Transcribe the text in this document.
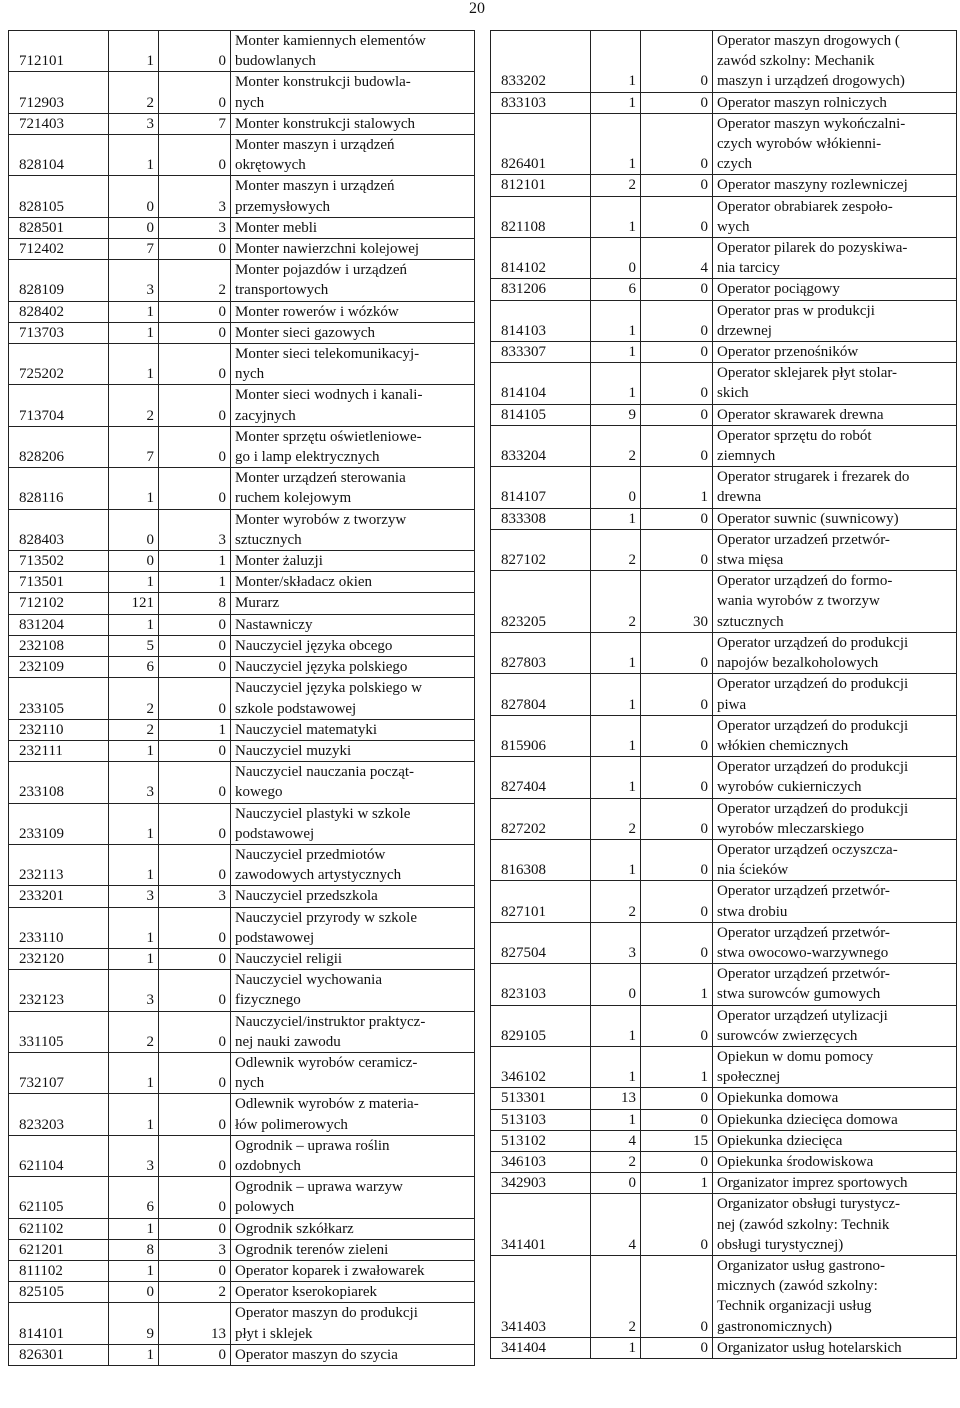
20
712101	1	0	Monter kamiennych elementów
budowlanych

712903	2	0	Monter konstrukcji budowla-
nych

721403	3	7	Monter konstrukcji stalowych

828104	1	0	Monter maszyn i urządzeń
okrętowych

828105	0	3	Monter maszyn i urządzeń
przemysłowych

828501	0	3	Monter mebli

712402	7	0	Monter nawierzchni kolejowej

828109	3	2	Monter pojazdów i urządzeń
transportowych

828402	1	0	Monter rowerów i wózków

713703	1	0	Monter sieci gazowych

725202	1	0	Monter sieci telekomunikacyj-
nych

713704	2	0	Monter sieci wodnych i kanali-
zacyjnych

828206	7	0	Monter sprzętu oświetleniowe-
go i lamp elektrycznych

828116	1	0	Monter urządzeń sterowania
ruchem kolejowym

828403	0	3	Monter wyrobów z tworzyw
sztucznych

713502	0	1	Monter żaluzji

713501	1	1	Monter/składacz okien

712102	121	8	Murarz

831204	1	0	Nastawniczy

232108	5	0	Nauczyciel języka obcego

232109	6	0	Nauczyciel języka polskiego

233105	2	0	Nauczyciel języka polskiego w
szkole podstawowej

232110	2	1	Nauczyciel matematyki

232111	1	0	Nauczyciel muzyki

233108	3	0	Nauczyciel nauczania począt-
kowego

233109	1	0	Nauczyciel plastyki w szkole
podstawowej

232113	1	0	Nauczyciel przedmiotów
zawodowych artystycznych

233201	3	3	Nauczyciel przedszkola

233110	1	0	Nauczyciel przyrody w szkole
podstawowej

232120	1	0	Nauczyciel religii

232123	3	0	Nauczyciel wychowania
fizycznego

331105	2	0	Nauczyciel/instruktor praktycz-
nej nauki zawodu

732107	1	0	Odlewnik wyrobów ceramicz-
nych

823203	1	0	Odlewnik wyrobów z materia-
łów polimerowych

621104	3	0	Ogrodnik – uprawa roślin
ozdobnych

621105	6	0	Ogrodnik – uprawa warzyw
polowych

621102	1	0	Ogrodnik szkółkarz

621201	8	3	Ogrodnik terenów zieleni

811102	1	0	Operator koparek i zwałowarek

825105	0	2	Operator kserokopiarek

814101	9	13	Operator maszyn do produkcji
płyt i sklejek

826301	1	0	Operator maszyn do szycia
833202	1	0	Operator maszyn drogowych (
zawód szkolny: Mechanik
maszyn i urządzeń drogowych)

833103	1	0	Operator maszyn rolniczych

826401	1	0	Operator maszyn wykończalni-
czych wyrobów włókienni-
czych

812101	2	0	Operator maszyny rozlewniczej

821108	1	0	Operator obrabiarek zespoło-
wych

814102	0	4	Operator pilarek do pozyskiwa-
nia tarcicy

831206	6	0	Operator pociągowy

814103	1	0	Operator pras w produkcji
drzewnej

833307	1	0	Operator przenośników

814104	1	0	Operator sklejarek płyt stolar-
skich

814105	9	0	Operator skrawarek drewna

833204	2	0	Operator sprzętu do robót
ziemnych

814107	0	1	Operator strugarek i frezarek do
drewna

833308	1	0	Operator suwnic (suwnicowy)

827102	2	0	Operator urzadzeń przetwór-
stwa mięsa

823205	2	30	Operator urządzeń do formo-
wania wyrobów z tworzyw
sztucznych

827803	1	0	Operator urządzeń do produkcji
napojów bezalkoholowych

827804	1	0	Operator urządzeń do produkcji
piwa

815906	1	0	Operator urządzeń do produkcji
włókien chemicznych

827404	1	0	Operator urządzeń do produkcji
wyrobów cukierniczych

827202	2	0	Operator urządzeń do produkcji
wyrobów mleczarskiego

816308	1	0	Operator urządzeń oczyszcza-
nia ścieków

827101	2	0	Operator urządzeń przetwór-
stwa drobiu

827504	3	0	Operator urządzeń przetwór-
stwa owocowo-warzywnego

823103	0	1	Operator urządzeń przetwór-
stwa surowców gumowych

829105	1	0	Operator urządzeń utylizacji
surowców zwierzęcych

346102	1	1	Opiekun w domu pomocy
społecznej

513301	13	0	Opiekunka domowa

513103	1	0	Opiekunka dziecięca domowa

513102	4	15	Opiekunka dziecięca

346103	2	0	Opiekunka środowiskowa

342903	0	1	Organizator imprez sportowych

341401	4	0	Organizator obsługi turystycz-
nej (zawód szkolny: Technik
obsługi turystycznej)

341403	2	0	Organizator usług gastrono-
micznych (zawód szkolny:
Technik organizacji usług
gastronomicznych)

341404	1	0	Organizator usług hotelarskich
